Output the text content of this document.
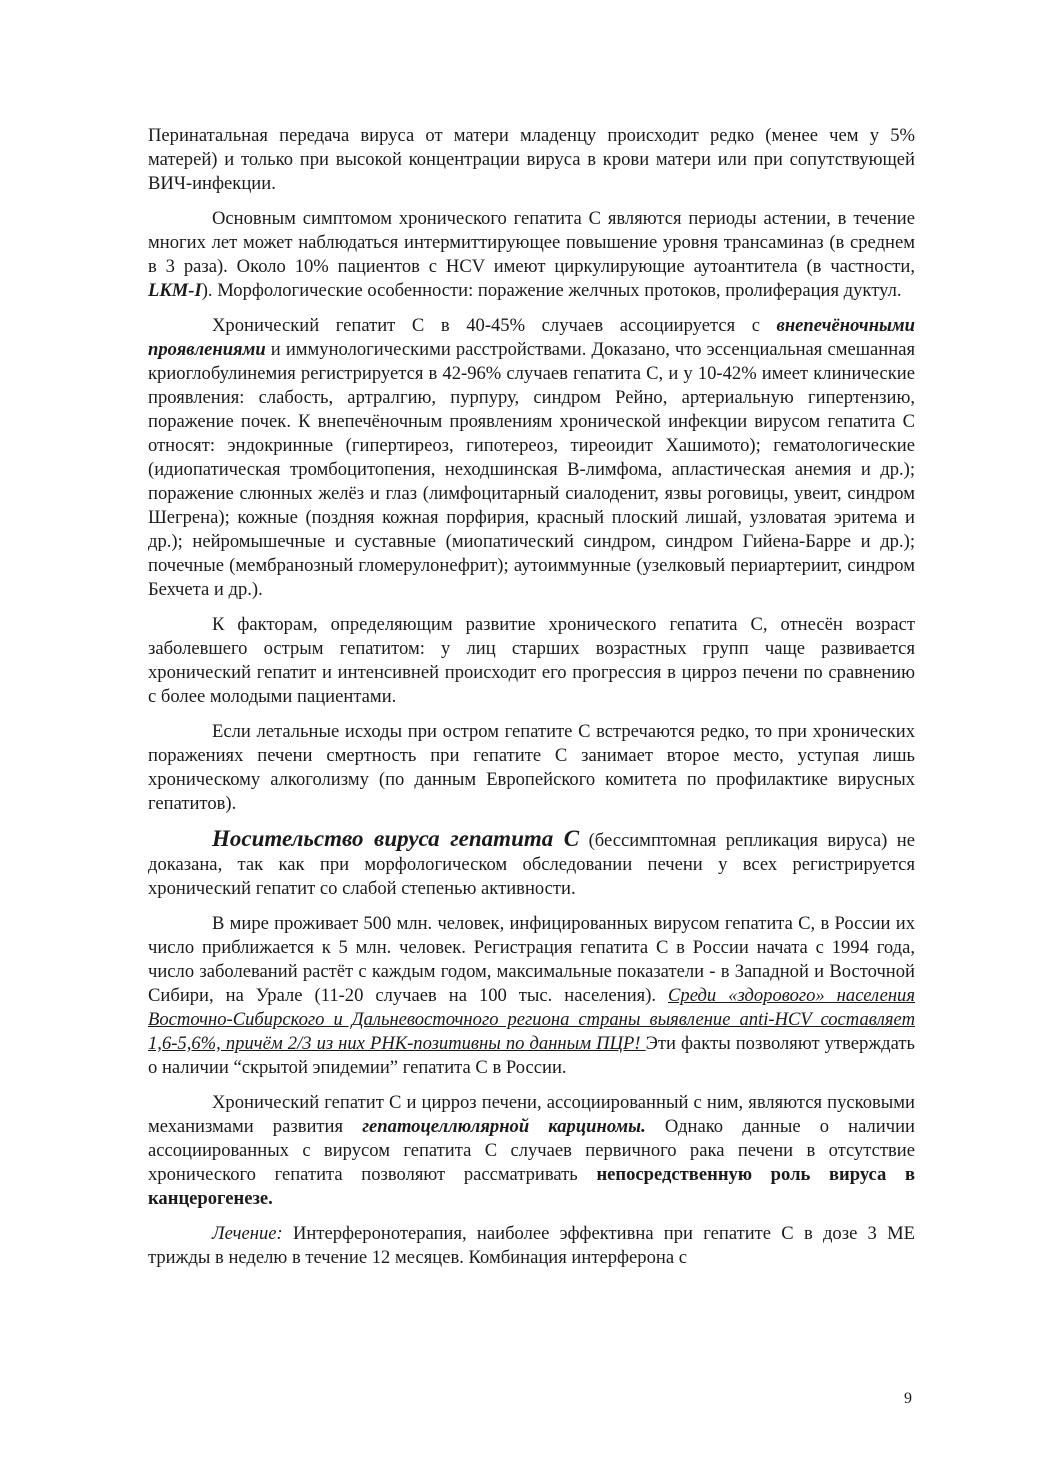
Перинатальная передача вируса от матери младенцу происходит редко (менее чем у 5% матерей) и только при высокой концентрации вируса в крови матери или при сопутствующей ВИЧ-инфекции.

Основным симптомом хронического гепатита С являются периоды астении, в течение многих лет может наблюдаться интермиттирующее повышение уровня трансаминаз (в среднем в 3 раза). Около 10% пациентов с HCV имеют циркулирующие аутоантитела (в частности, LKM-I). Морфологические особенности: поражение желчных протоков, пролиферация дуктул.

Хронический гепатит С в 40-45% случаев ассоциируется с внепечёночными проявлениями и иммунологическими расстройствами. Доказано, что эссенциальная смешанная криоглобулинемия регистрируется в 42-96% случаев гепатита С, и у 10-42% имеет клинические проявления: слабость, артралгию, пурпуру, синдром Рейно, артериальную гипертензию, поражение почек. К внепечёночным проявлениям хронической инфекции вирусом гепатита С относят: эндокринные (гипертиреоз, гипотереоз, тиреоидит Хашимото); гематологические (идиопатическая тромбоцитопения, неходшинская В-лимфома, апластическая анемия и др.); поражение слюнных желёз и глаз (лимфоцитарный сиалоденит, язвы роговицы, увеит, синдром Шегрена); кожные (поздняя кожная порфирия, красный плоский лишай, узловатая эритема и др.); нейромышечные и суставные (миопатический синдром, синдром Гийена-Барре и др.); почечные (мембранозный гломерулонефрит); аутоиммунные (узелковый периартериит, синдром Бехчета и др.).

К факторам, определяющим развитие хронического гепатита С, отнесён возраст заболевшего острым гепатитом: у лиц старших возрастных групп чаще развивается хронический гепатит и интенсивней происходит его прогрессия в цирроз печени по сравнению с более молодыми пациентами.

Если летальные исходы при остром гепатите С встречаются редко, то при хронических поражениях печени смертность при гепатите С занимает второе место, уступая лишь хроническому алкоголизму (по данным Европейского комитета по профилактике вирусных гепатитов).

Носительство вируса гепатита С (бессимптомная репликация вируса) не доказана, так как при морфологическом обследовании печени у всех регистрируется хронический гепатит со слабой степенью активности.

В мире проживает 500 млн. человек, инфицированных вирусом гепатита С, в России их число приближается к 5 млн. человек. Регистрация гепатита С в России начата с 1994 года, число заболеваний растёт с каждым годом, максимальные показатели - в Западной и Восточной Сибири, на Урале (11-20 случаев на 100 тыс. населения). Среди «здорового» населения Восточно-Сибирского и Дальневосточного региона страны выявление anti-HCV составляет 1,6-5,6%, причём 2/3 из них РНК-позитивны по данным ПЦР! Эти факты позволяют утверждать о наличии “скрытой эпидемии” гепатита С в России.

Хронический гепатит С и цирроз печени, ассоциированный с ним, являются пусковыми механизмами развития гепатоцеллюлярной карциномы. Однако данные о наличии ассоциированных с вирусом гепатита С случаев первичного рака печени в отсутствие хронического гепатита позволяют рассматривать непосредственную роль вируса в канцерогенезе.

Лечение: Интерферонотерапия, наиболее эффективна при гепатите С в дозе 3 МЕ трижды в неделю в течение 12 месяцев. Комбинация интерферона с

9
